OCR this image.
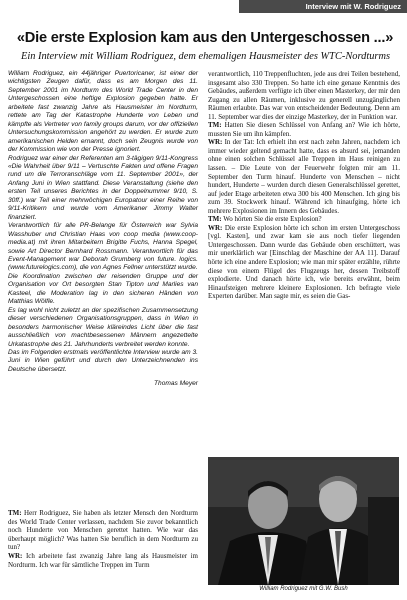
Interview mit W. Rodriguez
«Die erste Explosion kam aus den Untergeschossen ...»
Ein Interview mit William Rodriguez, dem ehemaligen Hausmeister des WTC-Nordturms

William Rodriguez, ein 44jähriger Puertoricaner, ist einer der wichtigsten Zeugen dafür, dass es am Morgen des 11. September 2001 im Nordturm des World Trade Center in den Untergeschossen eine heftige Explosion gegeben hatte. Er arbeitete fast zwanzig Jahre als Hausmeister im Nordturm, rettete am Tag der Katastrophe Hunderte von Leben und kämpfte als Vertreter von family groups darum, vor der offiziellen Untersuchungskommission angehört zu werden. Er wurde zum amerikanischen Helden ernannt, doch sein Zeugnis wurde von der Kommission wie von der Presse ignoriert.

Rodriguez war einer der Referenten am 3-tägigen 9/11-Kongress «Die Wahrheit über 9/11 – Vertuschte Fakten und offene Fragen rund um die Terroranschläge vom 11. September 2001», der Anfang Juni in Wien stattfand. Diese Veranstaltung (siehe den ersten Teil unseres Berichtes in der Doppelnummer 9/10, S. 30ff.) war Teil einer mehrwöchigen Europatour einer Reihe von 9/11-Kritikern und wurde vom Amerikaner Jimmy Walter finanziert.

Verantwortlich für alle PR-Belange für Österreich war Sylvia Wasshuber und Christian Haas von coop media (www.coop-media.at) mit ihren Mitarbeitern Brigitte Fuchs, Hanna Spegel, sowie Art Director Bernhard Rossmann. Verantwortlich für das Event-Management war Deborah Grumberg von future. logics. (www.futurelogics.com), die von Agnes Fellner unterstützt wurde.

Die Koordination zwischen der reisenden Gruppe und der Organisation vor Ort besorgten Stan Tipton und Marlies van Kasteel, die Moderation lag in den sicheren Händen von Matthias Wölfle.

Es lag wohl nicht zuletzt an der spezifischen Zusammensetzung dieser verschiedenen Organisationsgruppen, dass in Wien in besonders harmonischer Weise kläreindes Licht über die fast ausschließlich von machtbesessenen Männern angezettelte Urkatastrophe des 21. Jahrhunderts verbreitet werden konnte.

Das im Folgenden erstmals veröffentlichte Interview wurde am 3. Juni in Wien geführt und durch den Unterzeichnenden ins Deutsche übersetzt.

Thomas Meyer

TM: Herr Rodriguez, Sie haben als letzter Mensch den Nordturm des World Trade Center verlassen, nachdem Sie zuvor bekanntlich noch Hunderte von Menschen gerettet hatten. Wie war das überhaupt möglich? Was hatten Sie beruflich in dem Nordturm zu tun?

WR: Ich arbeitete fast zwanzig Jahre lang als Hausmeister im Nordturm. Ich war für sämtliche Treppen im Turm

verantwortlich, 110 Treppenfluchten, jede aus drei Teilen bestehend, insgesamt also 330 Treppen. So hatte ich eine genaue Kenntnis des Gebäudes, außerdem verfügte ich über einen Masterkey, der mir den Zugang zu allen Räumen, inklusive zu generell unzugänglichen Räumen erlaubte. Das war von entscheidender Bedeutung. Denn am 11. September war dies der einzige Masterkey, der in Funktion war.

TM: Hatten Sie diesen Schlüssel von Anfang an? Wie ich hörte, mussten Sie um ihn kämpfen.

WR: In der Tat: Ich erhielt ihn erst nach zehn Jahren, nachdem ich immer wieder geltend gemacht hatte, dass es absurd sei, jemanden ohne einen solchen Schlüssel alle Treppen im Haus reinigen zu lassen. – Die Leute von der Feuerwehr folgten mir am 11. September den Turm hinauf. Hunderte von Menschen – nicht hundert, Hunderte – wurden durch diesen Generalschlüssel gerettet, auf jeder Etage arbeiteten etwa 300 bis 400 Menschen. Ich ging bis zum 39. Stockwerk hinauf. Während ich hinaufging, hörte ich mehrere Explosionen im Innern des Gebäudes.

TM: Wo hörten Sie die erste Explosion?

WR: Die erste Explosion hörte ich schon im ersten Untergeschoss [vgl. Kasten], und zwar kam sie aus noch tiefer liegenden Untergeschossen. Dann wurde das Gebäude oben erschüttert, was mir unerklärlich war [Einschlag der Maschine der AA 11]. Darauf hörte ich eine andere Explosion; wie man mir später erzählte, rührte diese von einem Flügel des Flugzeugs her, dessen Treibstoff explodierte. Und danach hörte ich, wie bereits erwähnt, beim Hinaufsteigen mehrere kleinere Explosionen. Ich befragte viele Experten darüber. Man sagte mir, es seien die Gas-

William Rodriguez mit G.W. Bush
